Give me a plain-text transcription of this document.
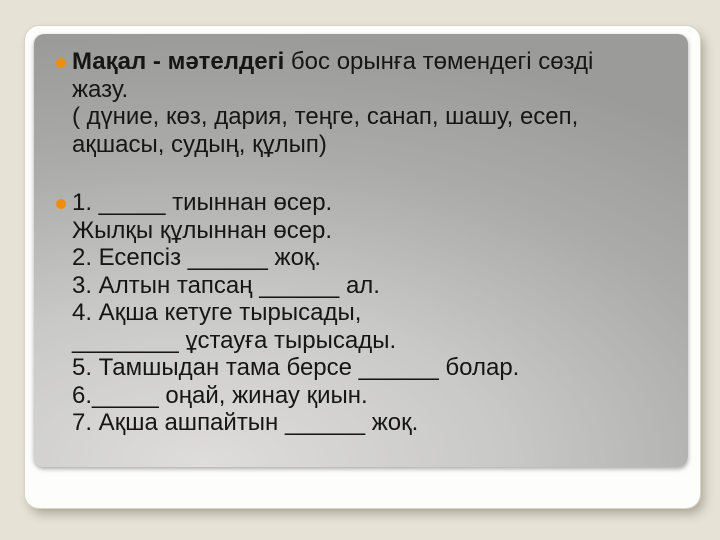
Мақал - мәтелдегі бос орынға төмендегі сөзді
жазу.
( дүние, көз, дария, теңге, санап, шашу, есеп,
ақшасы, судың, құлып)
1. _____ тиыннан өсер.
Жылқы құлыннан өсер.
2. Есепсіз ______ жоқ.
3. Алтын тапсаң ______ ал.
4. Ақша кетуге тырысады,
________ ұстауға тырысады.
5. Тамшыдан тама берсе ______ болар.
6._____ оңай, жинау қиын.
7. Ақша ашпайтын ______ жоқ.
